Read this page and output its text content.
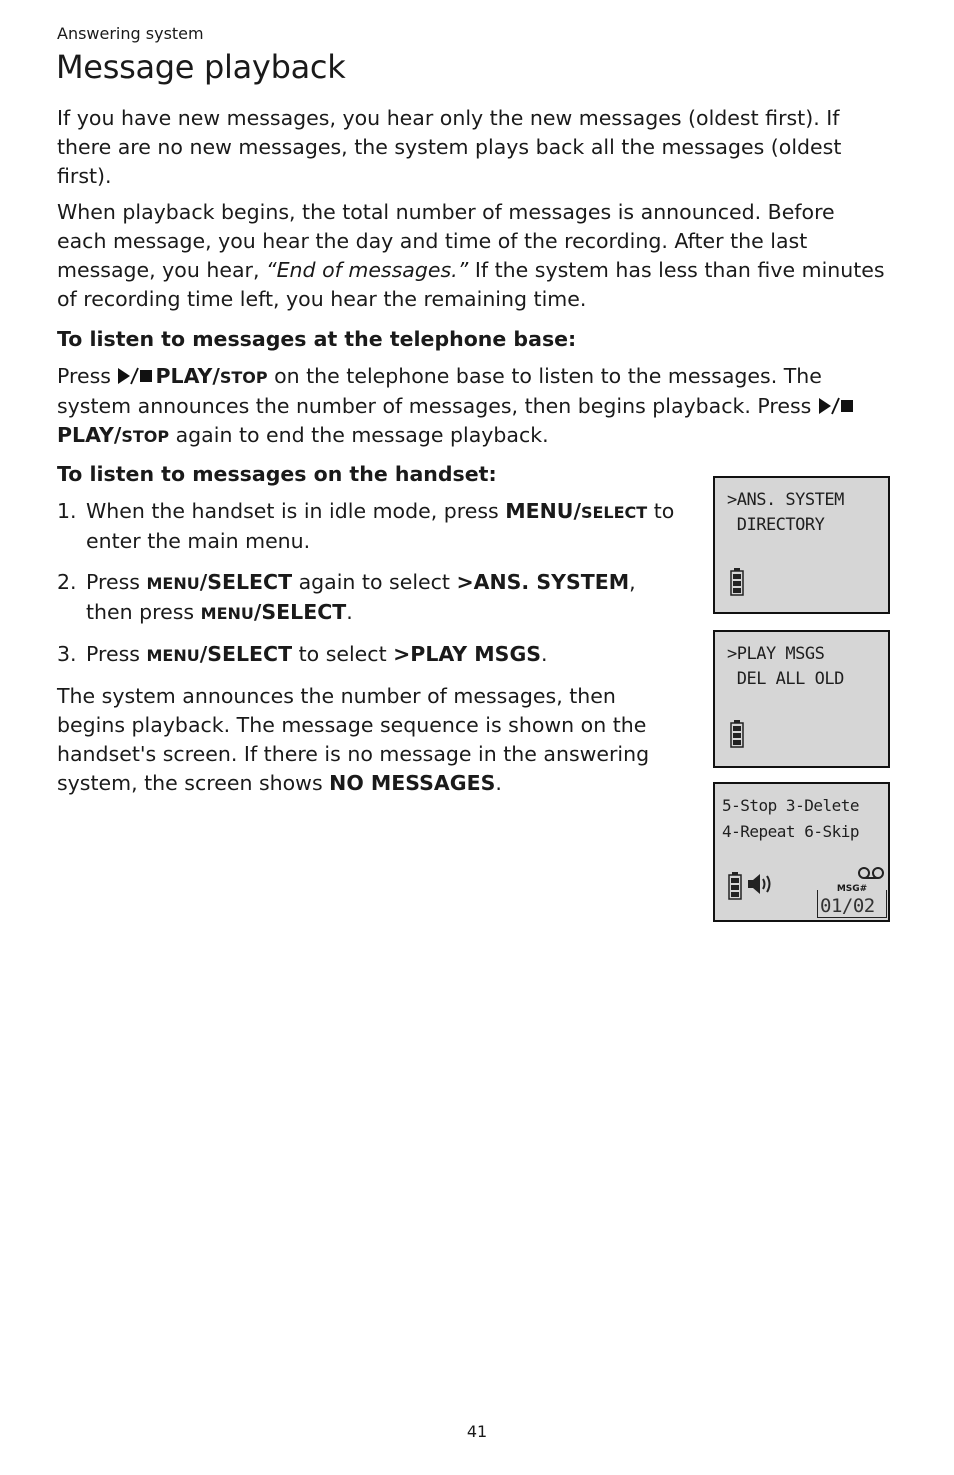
Answering system
Message playback

If you have new messages, you hear only the new messages (oldest first). If there are no new messages, the system plays back all the messages (oldest first).

When playback begins, the total number of messages is announced. Before each message, you hear the day and time of the recording. After the last message, you hear, “End of messages.” If the system has less than five minutes of recording time left, you hear the remaining time.

To listen to messages at the telephone base:

Press PLAY/STOP on the telephone base to listen to the messages. The system announces the number of messages, then begins playback. Press PLAY/STOP again to end the message playback.

To listen to messages on the handset:
1. When the handset is in idle mode, press MENU/SELECT to enter the main menu.

2. Press MENU/SELECT again to select >ANS. SYSTEM, then press MENU/SELECT.

3. Press MENU/SELECT to select >PLAY MSGS.

The system announces the number of messages, then begins playback. The message sequence is shown on the handset's screen. If there is no message in the answering system, the screen shows NO MESSAGES.

>ANS. SYSTEM
DIRECTORY
>PLAY MSGS
DEL ALL OLD
5-Stop 3-Delete
4-Repeat 6-Skip
MSG#
01/02
41
